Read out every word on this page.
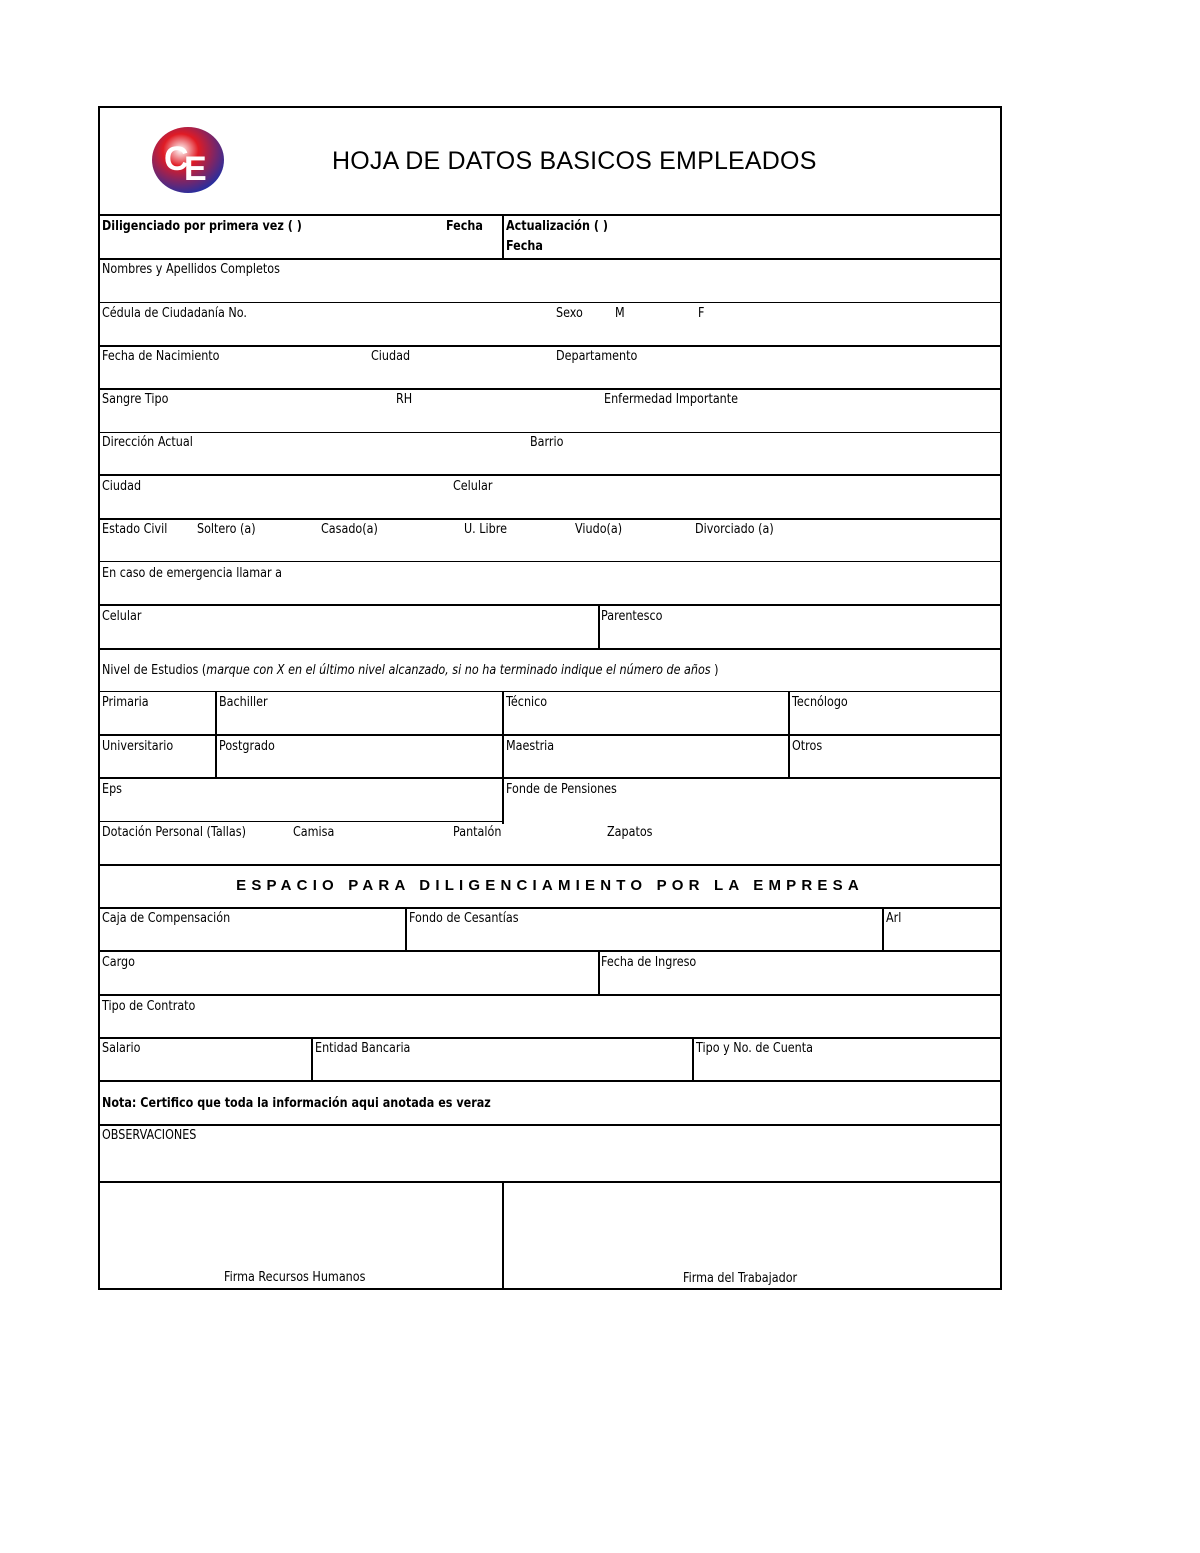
C
E	HOJA DE DATOS BASICOS EMPLEADOS
Diligenciado por primera vez ( )	Fecha Actualización ( )
Fecha
Nombres y Apellidos Completos
Cédula de Ciudadanía No.	Sexo M	F
Fecha de Nacimiento	Ciudad	Departamento
Sangre Tipo	RH	Enfermedad Importante
Dirección Actual	Barrio
Ciudad	Celular
Estado Civil Soltero (a)	Casado(a)	U. Libre	Viudo(a)	Divorciado (a)
En caso de emergencia llamar a
Celular	Parentesco
Nivel de Estudios (marque con X en el último nivel alcanzado, si no ha terminado indique el número de años )
Primaria	Bachiller	Técnico	Tecnólogo
Universitario	Postgrado	Maestria	Otros
Eps	Fonde de Pensiones
Dotación Personal (Tallas)	Camisa	Pantalón	Zapatos
ESPACIO PARA DILIGENCIAMIENTO POR LA EMPRESA
Caja de Compensación	Fondo de Cesantías	Arl
Cargo	Fecha de Ingreso
Tipo de Contrato
Salario	Entidad Bancaria	Tipo y No. de Cuenta
Nota: Certifico que toda la información aqui anotada es veraz
OBSERVACIONES
Firma Recursos Humanos	Firma del Trabajador
